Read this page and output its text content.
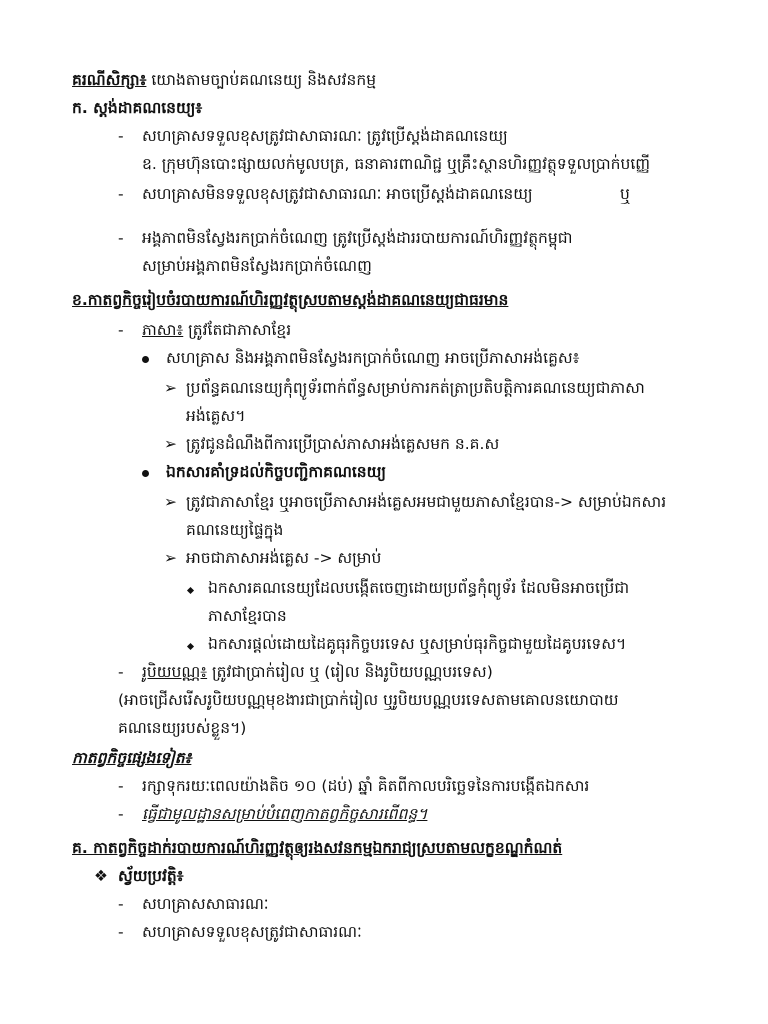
គរណីសិក្សា៖ យោងតាមច្បាប់គណនេយ្យ និងសវនកម្ម
ក. ស្តង់ដាគណនេយ្យ៖
- សហគ្រាសទទួលខុសត្រូវជាសាធារណៈ ត្រូវប្រើស្តង់ដាគណនេយ្យ
ឧ. ក្រុមហ៊ុនបោះផ្សាយលក់មូលបត្រ, ធនាគារពាណិជ្ជ ឬគ្រឹះស្ថានហិរញ្ញវត្ថុទទួលប្រាក់បញ្ញើ
- សហគ្រាសមិនទទួលខុសត្រូវជាសាធារណៈ អាចប្រើស្តង់ដាគណនេយ្យ	ឬ
- អង្គភាពមិនស្វែងរកប្រាក់ចំណេញ ត្រូវប្រើស្តង់ដាររបាយការណ៍ហិរញ្ញវត្ថុកម្ពុជា
សម្រាប់អង្គភាពមិនស្វែងរកប្រាក់ចំណេញ
ខ.កាតព្វកិច្ចរៀបចំរបាយការណ៍ហិរញ្ញវត្ថុស្របតាមស្តង់ដាគណនេយ្យជាធរមាន
- ភាសា៖ ត្រូវតែជាភាសាខ្មែរ
សហគ្រាស និងអង្គភាពមិនស្វែងរកប្រាក់ចំណេញ អាចប្រើភាសាអង់គ្លេស៖
➢ ប្រព័ន្ធគណនេយ្យកុំព្យូទ័រពាក់ព័ន្ធសម្រាប់ការកត់ត្រាប្រតិបត្តិការគណនេយ្យជាភាសា
អង់គ្លេស។
➢ ត្រូវជូនដំណឹងពីការប្រើប្រាស់ភាសាអង់គ្លេសមក ន.គ.ស
ឯកសារគាំទ្រដល់កិច្ចបញ្ជិកាគណនេយ្យ
➢ ត្រូវជាភាសាខ្មែរ ឬអាចប្រើភាសាអង់គ្លេសអមជាមួយភាសាខ្មែរបាន-> សម្រាប់ឯកសារ
គណនេយ្យផ្ទៃក្នុង
➢ អាចជាភាសាអង់គ្លេស -> សម្រាប់
ឯកសារគណនេយ្យដែលបង្កើតចេញដោយប្រព័ន្ធកុំព្យូទ័រ ដែលមិនអាចប្រើជា
ភាសាខ្មែរបាន
ឯកសារផ្តល់ដោយដៃគូធុរកិច្ចបរទេស ឬសម្រាប់ធុរកិច្ចជាមួយដៃគូបរទេស។
- រូបិយបណ្ណ៖ ត្រូវជាប្រាក់រៀល ឬ (រៀល និងរូបិយបណ្ណបរទេស)
(អាចជ្រើសរើសរូបិយបណ្ណមុខងារជាប្រាក់រៀល ឬរូបិយបណ្ណបរទេសតាមគោលនយោបាយ
គណនេយ្យរបស់ខ្លួន។)
កាតព្វកិច្ចផ្សេងទៀត៖
- រក្សាទុករយៈពេលយ៉ាងតិច ១០ (ដប់) ឆ្នាំ គិតពីកាលបរិច្ឆេទនៃការបង្កើតឯកសារ
- ធ្វើជាមូលដ្ឋានសម្រាប់បំពេញកាតព្វកិច្ចសារពើពន្ធ។
គ. កាតព្វកិច្ចដាក់របាយការណ៍ហិរញ្ញវត្ថុឲ្យរងសវនកម្មឯករាជ្យស្របតាមលក្ខខណ្ឌកំណត់
❖ ស្វ័យប្រវត្តិ៖
- សហគ្រាសសាធារណៈ
- សហគ្រាសទទួលខុសត្រូវជាសាធារណៈ
